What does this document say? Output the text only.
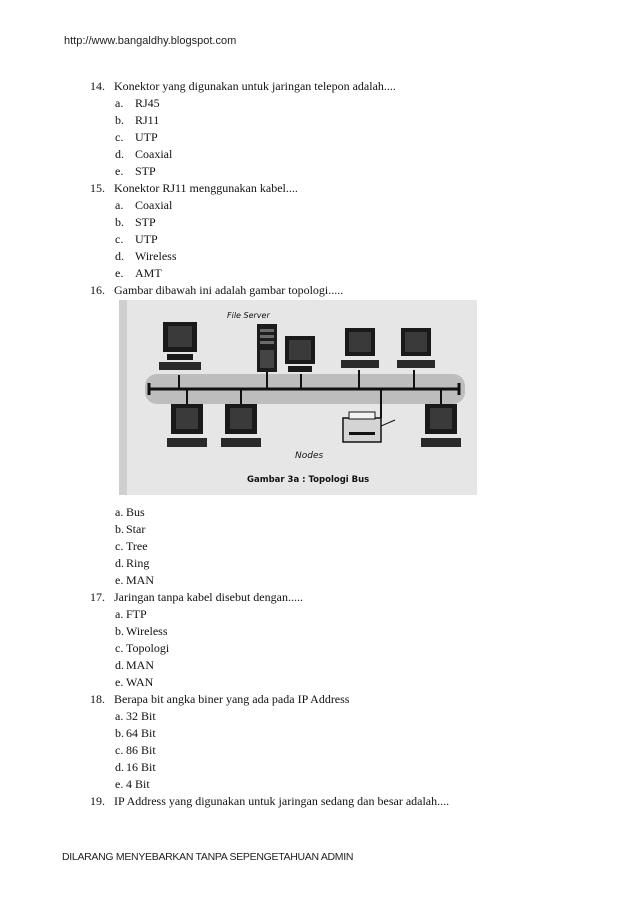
http://www.bangaldhy.blogspot.com
14. Konektor yang digunakan untuk jaringan telepon adalah....
a. RJ45
b. RJ11
c. UTP
d. Coaxial
e. STP
15. Konektor RJ11 menggunakan kabel....
a. Coaxial
b. STP
c. UTP
d. Wireless
e. AMT
16. Gambar dibawah ini adalah gambar topologi.....
File Server
Nodes
Gambar 3a : Topologi Bus
a. Bus
b. Star
c. Tree
d. Ring
e. MAN
17. Jaringan tanpa kabel disebut dengan.....
a. FTP
b. Wireless
c. Topologi
d. MAN
e. WAN
18. Berapa bit angka biner yang ada pada IP Address
a. 32 Bit
b. 64 Bit
c. 86 Bit
d. 16 Bit
e. 4 Bit
19. IP Address yang digunakan untuk jaringan sedang dan besar adalah....
DILARANG MENYEBARKAN TANPA SEPENGETAHUAN ADMIN
